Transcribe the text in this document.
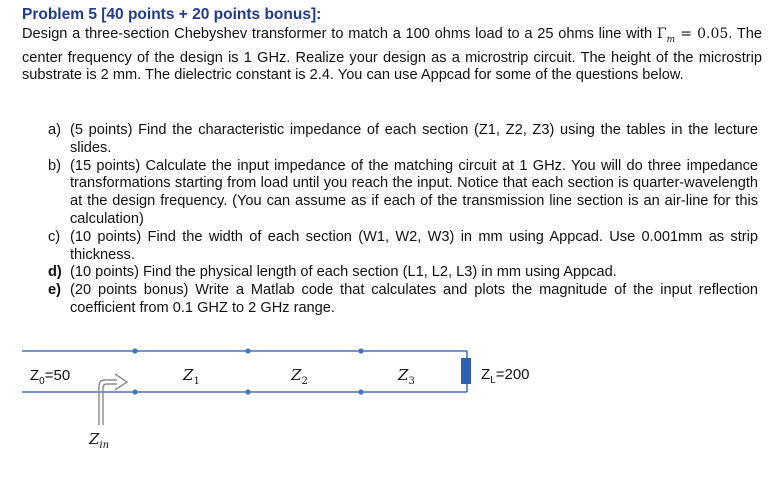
Problem 5 [40 points + 20 points bonus]:
Design a three-section Chebyshev transformer to match a 100 ohms load to a 25 ohms line with $\Gamma_m = 0.05$. The center frequency of the design is 1 GHz. Realize your design as a microstrip circuit. The height of the microstrip substrate is 2 mm. The dielectric constant is 2.4. You can use Appcad for some of the questions below.
a) (5 points) Find the characteristic impedance of each section (Z1, Z2, Z3) using the tables in the lecture slides.
b) (15 points) Calculate the input impedance of the matching circuit at 1 GHz. You will do three impedance transformations starting from load until you reach the input. Notice that each section is quarter-wavelength at the design frequency. (You can assume as if each of the transmission line section is an air-line for this calculation)
c) (10 points) Find the width of each section (W1, W2, W3) in mm using Appcad. Use 0.001mm as strip thickness.
d) (10 points) Find the physical length of each section (L1, L2, L3) in mm using Appcad.
e) (20 points bonus) Write a Matlab code that calculates and plots the magnitude of the input reflection coefficient from 0.1 GHZ to 2 GHz range.
$Z_0=50$	$Z_1$	$Z_2$	$Z_3$	$Z_L=200$
$Z_{in}$
